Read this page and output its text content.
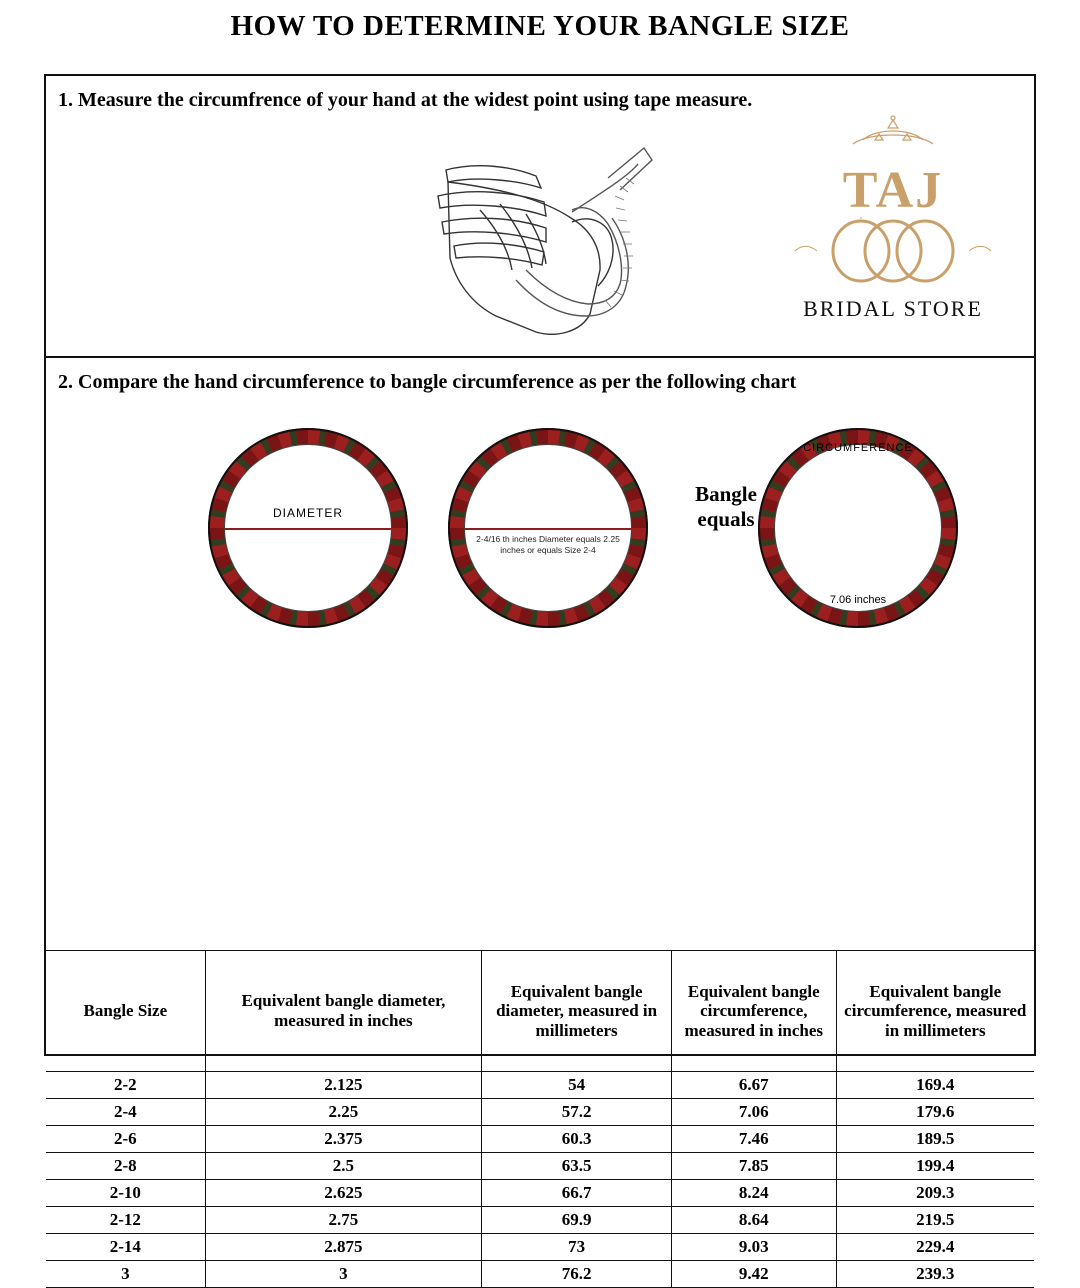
HOW TO DETERMINE YOUR BANGLE SIZE
1. Measure the circumfrence of your hand at the widest point using tape measure.
TAJ
BRIDAL STORE
2. Compare the hand circumference to bangle circumference as per the following chart
DIAMETER
2-4/16 th inches Diameter equals 2.25 inches or equals Size 2-4
Bangle equals
CIRCUMFERENCE
7.06 inches
Bangle Size	Equivalent bangle diameter, measured in inches	Equivalent bangle diameter, measured in millimeters	Equivalent bangle circumference, measured in inches	Equivalent bangle circumference, measured in millimeters
2-2	2.125	54	6.67	169.4
2-4	2.25	57.2	7.06	179.6
2-6	2.375	60.3	7.46	189.5
2-8	2.5	63.5	7.85	199.4
2-10	2.625	66.7	8.24	209.3
2-12	2.75	69.9	8.64	219.5
2-14	2.875	73	9.03	229.4
3	3	76.2	9.42	239.3
